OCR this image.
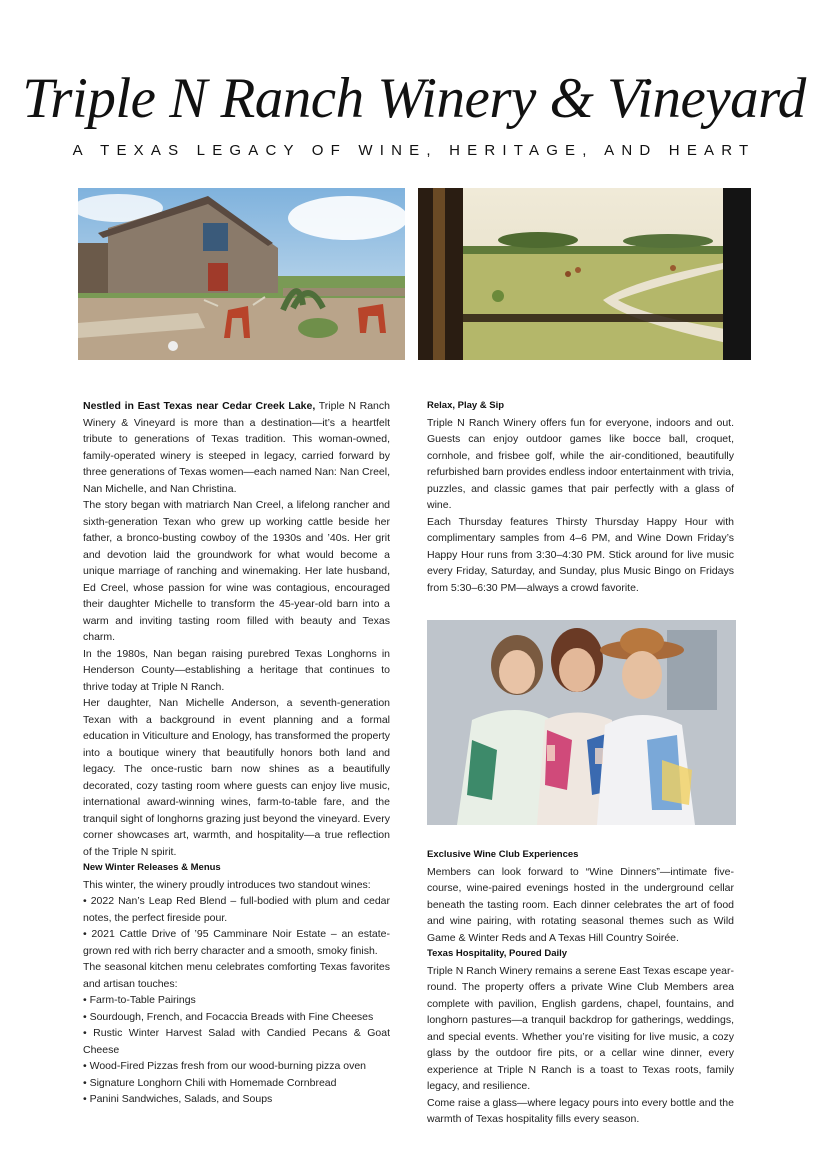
Triple N Ranch Winery & Vineyard
A TEXAS LEGACY OF WINE, HERITAGE, AND HEART

Nestled in East Texas near Cedar Creek Lake, Triple N Ranch Winery & Vineyard is more than a destination—it’s a heartfelt tribute to generations of Texas tradition. This woman-owned, family-operated winery is steeped in legacy, carried forward by three generations of Texas women—each named Nan: Nan Creel, Nan Michelle, and Nan Christina.

The story began with matriarch Nan Creel, a lifelong rancher and sixth-generation Texan who grew up working cattle beside her father, a bronco-busting cowboy of the 1930s and ’40s. Her grit and devotion laid the groundwork for what would become a unique marriage of ranching and winemaking. Her late husband, Ed Creel, whose passion for wine was contagious, encouraged their daughter Michelle to transform the 45-year-old barn into a warm and inviting tasting room filled with beauty and Texas charm.

In the 1980s, Nan began raising purebred Texas Longhorns in Henderson County—establishing a heritage that continues to thrive today at Triple N Ranch.

Her daughter, Nan Michelle Anderson, a seventh-generation Texan with a background in event planning and a formal education in Viticulture and Enology, has transformed the property into a boutique winery that beautifully honors both land and legacy. The once-rustic barn now shines as a beautifully decorated, cozy tasting room where guests can enjoy live music, international award-winning wines, farm-to-table fare, and the tranquil sight of longhorns grazing just beyond the vineyard. Every corner showcases art, warmth, and hospitality—a true reflection of the Triple N spirit.

New Winter Releases & Menus

This winter, the winery proudly introduces two standout wines:

• 2022 Nan’s Leap Red Blend – full-bodied with plum and cedar notes, the perfect fireside pour.

• 2021 Cattle Drive of ’95 Camminare Noir Estate – an estate-grown red with rich berry character and a smooth, smoky finish.

The seasonal kitchen menu celebrates comforting Texas favorites and artisan touches:

• Farm-to-Table Pairings

• Sourdough, French, and Focaccia Breads with Fine Cheeses

• Rustic Winter Harvest Salad with Candied Pecans & Goat Cheese

• Wood-Fired Pizzas fresh from our wood-burning pizza oven

• Signature Longhorn Chili with Homemade Cornbread

• Panini Sandwiches, Salads, and Soups

Relax, Play & Sip

Triple N Ranch Winery offers fun for everyone, indoors and out. Guests can enjoy outdoor games like bocce ball, croquet, cornhole, and frisbee golf, while the air-conditioned, beautifully refurbished barn provides endless indoor entertainment with trivia, puzzles, and classic games that pair perfectly with a glass of wine.

Each Thursday features Thirsty Thursday Happy Hour with complimentary samples from 4–6 PM, and Wine Down Friday’s Happy Hour runs from 3:30–4:30 PM. Stick around for live music every Friday, Saturday, and Sunday, plus Music Bingo on Fridays from 5:30–6:30 PM—always a crowd favorite.

Exclusive Wine Club Experiences

Members can look forward to “Wine Dinners”—intimate five-course, wine-paired evenings hosted in the underground cellar beneath the tasting room. Each dinner celebrates the art of food and wine pairing, with rotating seasonal themes such as Wild Game & Winter Reds and A Texas Hill Country Soirée.

Texas Hospitality, Poured Daily

Triple N Ranch Winery remains a serene East Texas escape year-round. The property offers a private Wine Club Members area complete with pavilion, English gardens, chapel, fountains, and longhorn pastures—a tranquil backdrop for gatherings, weddings, and special events. Whether you’re visiting for live music, a cozy glass by the outdoor fire pits, or a cellar wine dinner, every experience at Triple N Ranch is a toast to Texas roots, family legacy, and resilience.

Come raise a glass—where legacy pours into every bottle and the warmth of Texas hospitality fills every season.
